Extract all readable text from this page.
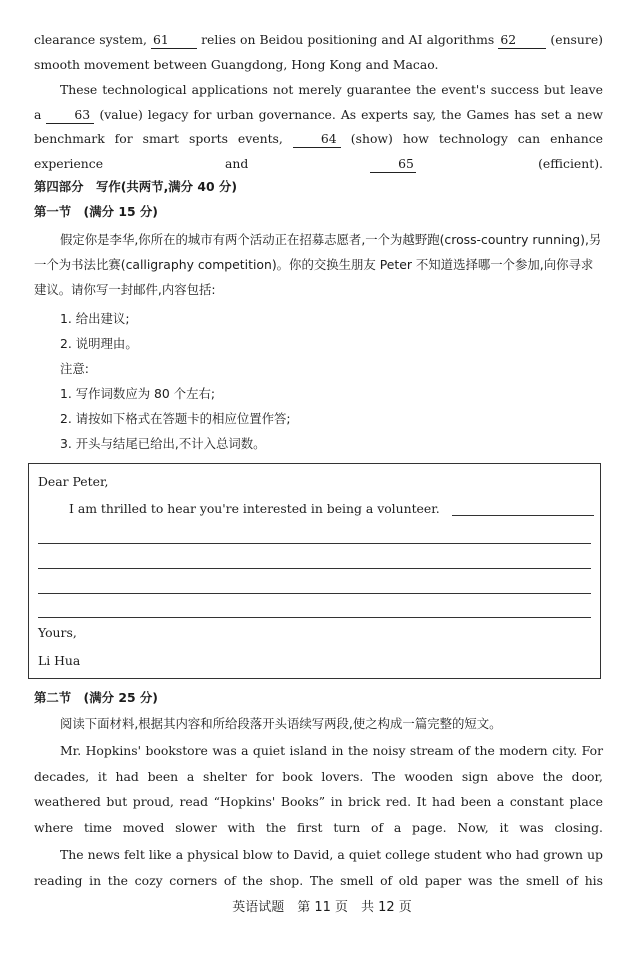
clearance system, 61	relies on Beidou positioning and AI algorithms 62	(ensure)

smooth movement between Guangdong, Hong Kong and Macao.

These technological applications not merely guarantee the event's success but leave a	63 (value) legacy for urban governance. As experts say, the Games has set a new benchmark for smart sports events,	64 (show) how technology can enhance experience and	65	(efficient).

第四部分　写作(共两节,满分 40 分)
第一节　(满分 15 分)

假定你是李华,你所在的城市有两个活动正在招募志愿者,一个为越野跑(cross-country running),另一个为书法比赛(calligraphy competition)。你的交换生朋友 Peter 不知道选择哪一个参加,向你寻求建议。请你写一封邮件,内容包括:

1. 给出建议;
2. 说明理由。
注意:
1. 写作词数应为 80 个左右;
2. 请按如下格式在答题卡的相应位置作答;
3. 开头与结尾已给出,不计入总词数。
Dear Peter,
I am thrilled to hear you're interested in being a volunteer.
Yours,
Li Hua
第二节　(满分 25 分)

阅读下面材料,根据其内容和所给段落开头语续写两段,使之构成一篇完整的短文。

Mr. Hopkins' bookstore was a quiet island in the noisy stream of the modern city. For decades, it had been a shelter for book lovers. The wooden sign above the door, weathered but proud, read “Hopkins' Books” in brick red. It had been a constant place where time moved slower with the first turn of a page. Now, it was closing.

The news felt like a physical blow to David, a quiet college student who had grown up reading in the cozy corners of the shop. The smell of old paper was the smell of his

英语试题　第 11 页　共 12 页
